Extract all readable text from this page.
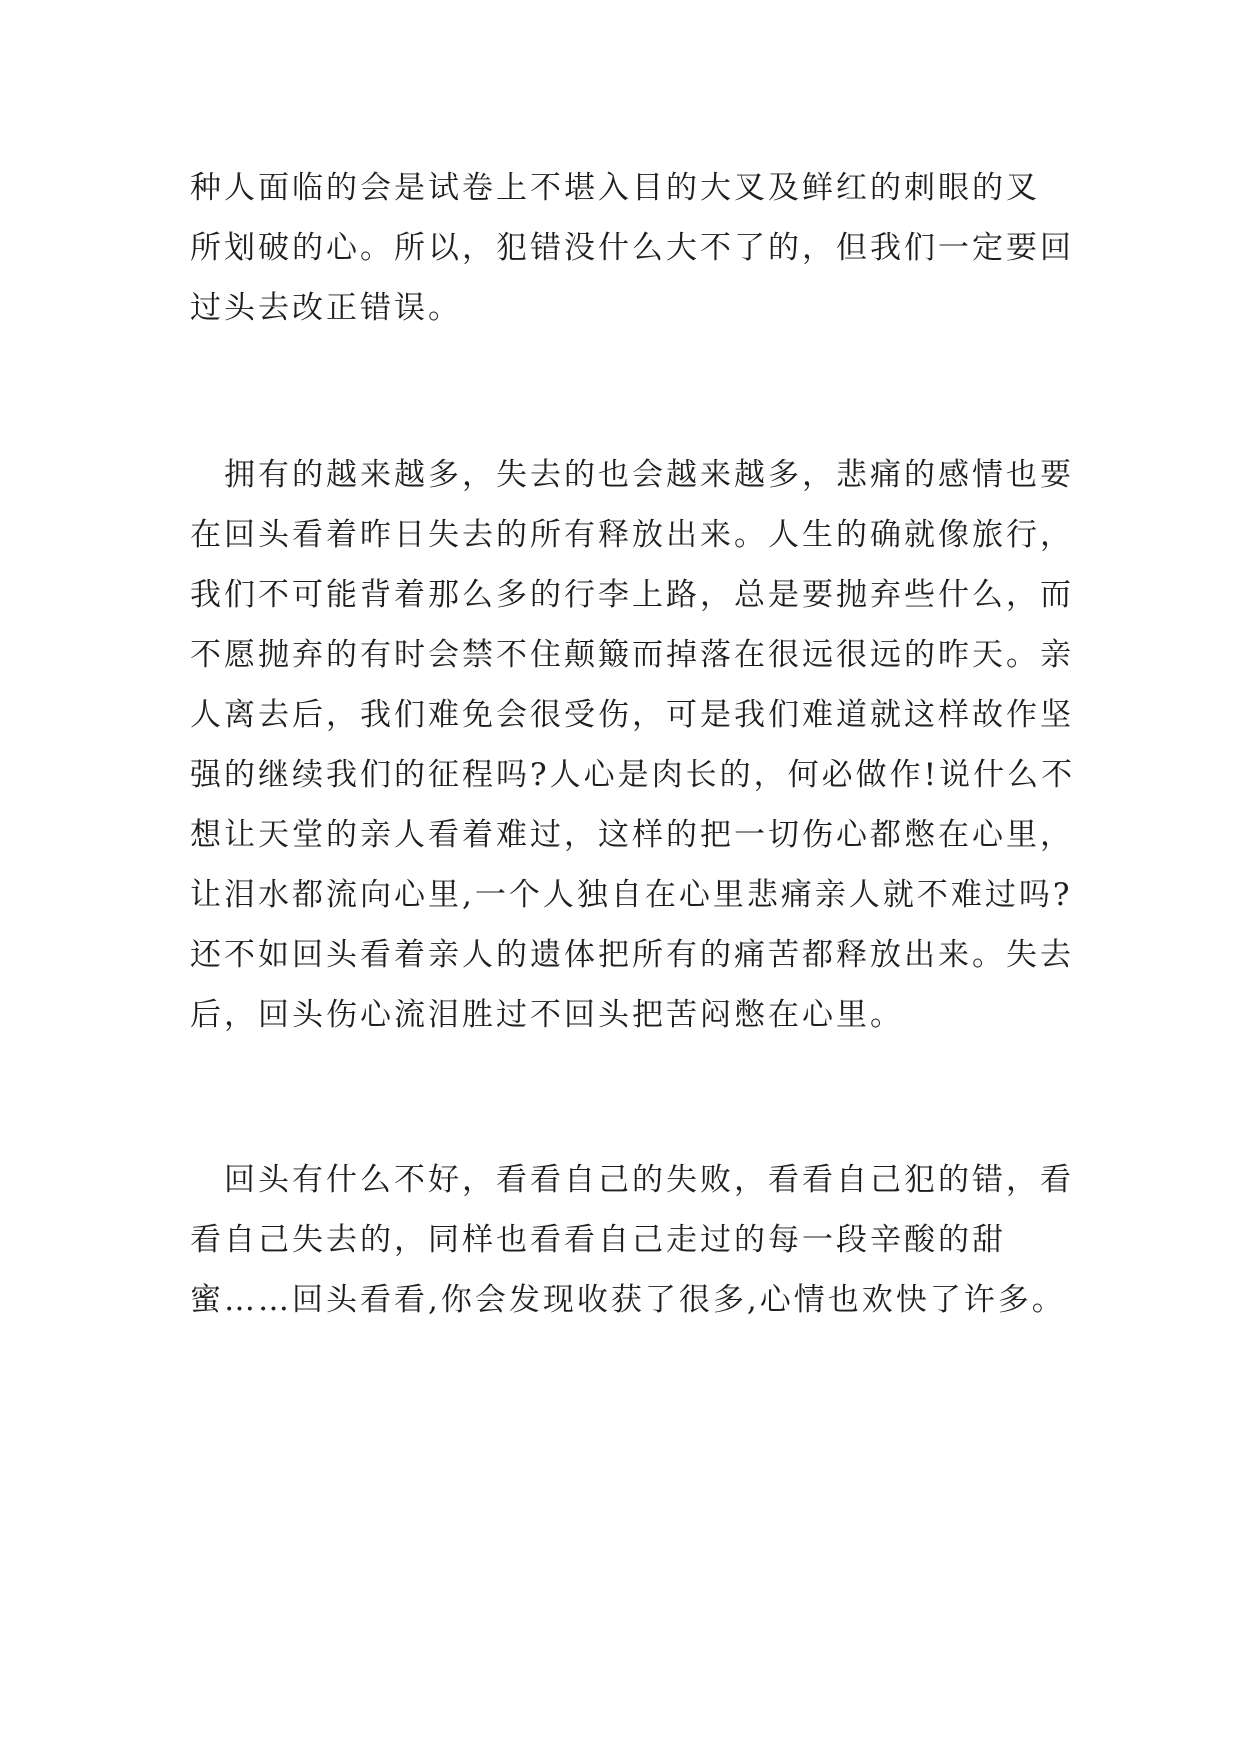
种人面临的会是试卷上不堪入目的大叉及鲜红的刺眼的叉
所划破的心。所以，犯错没什么大不了的，但我们一定要回
过头去改正错误。

　拥有的越来越多，失去的也会越来越多，悲痛的感情也要
在回头看着昨日失去的所有释放出来。人生的确就像旅行，
我们不可能背着那么多的行李上路，总是要抛弃些什么，而
不愿抛弃的有时会禁不住颠簸而掉落在很远很远的昨天。亲
人离去后，我们难免会很受伤，可是我们难道就这样故作坚
强的继续我们的征程吗?人心是肉长的，何必做作!说什么不
想让天堂的亲人看着难过，这样的把一切伤心都憋在心里，
让泪水都流向心里,一个人独自在心里悲痛亲人就不难过吗?
还不如回头看着亲人的遗体把所有的痛苦都释放出来。失去
后，回头伤心流泪胜过不回头把苦闷憋在心里。

　回头有什么不好，看看自己的失败，看看自己犯的错，看
看自己失去的，同样也看看自己走过的每一段辛酸的甜
蜜……回头看看,你会发现收获了很多,心情也欢快了许多。
